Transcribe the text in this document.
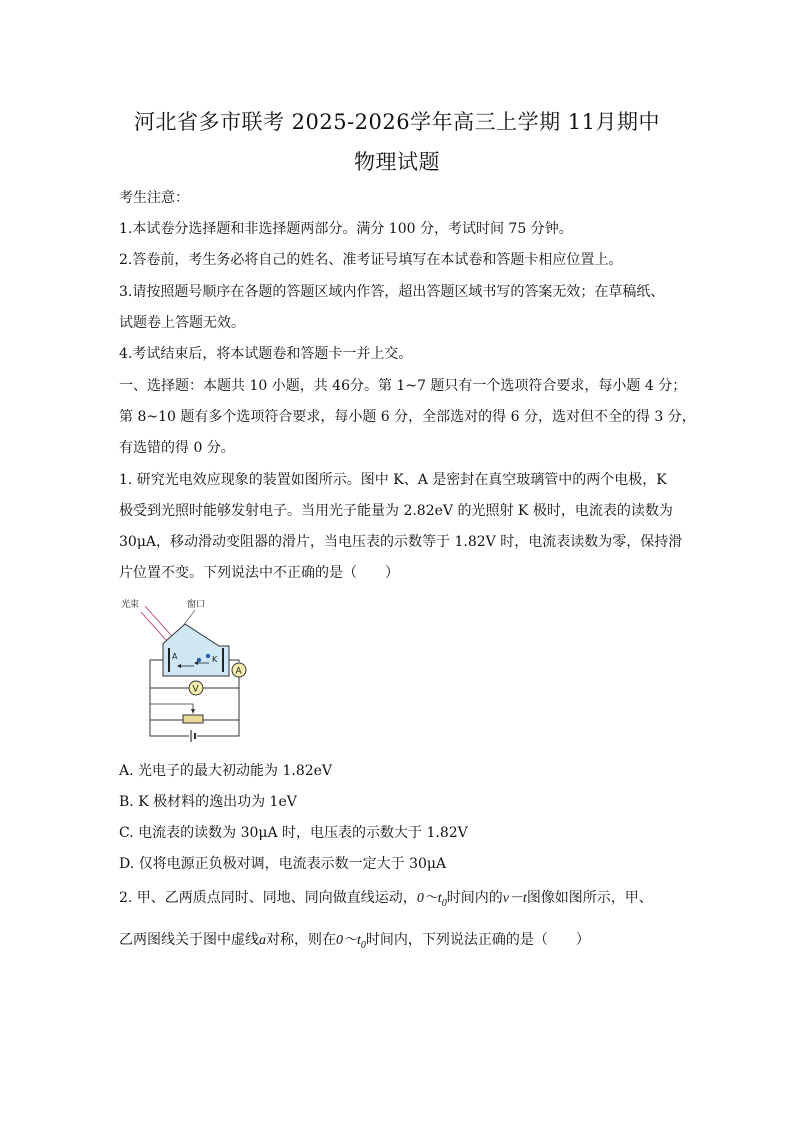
河北省多市联考 2025-2026学年高三上学期 11月期中
物理试题
考生注意：
1.本试卷分选择题和非选择题两部分。满分 100 分，考试时间 75 分钟。
2.答卷前，考生务必将自己的姓名、准考证号填写在本试卷和答题卡相应位置上。
3.请按照题号顺序在各题的答题区域内作答，超出答题区域书写的答案无效；在草稿纸、
试题卷上答题无效。
4.考试结束后，将本试题卷和答题卡一并上交。
一、选择题：本题共 10 小题，共 46分。第 1~7 题只有一个选项符合要求，每小题 4 分；
第 8~10 题有多个选项符合要求，每小题 6 分，全部选对的得 6 分，选对但不全的得 3 分，
有选错的得 0 分。
1. 研究光电效应现象的装置如图所示。图中 K、A 是密封在真空玻璃管中的两个电极，K
极受到光照时能够发射电子。当用光子能量为 2.82eV 的光照射 K 极时，电流表的读数为
30μA，移动滑动变阻器的滑片，当电压表的示数等于 1.82V 时，电流表读数为零，保持滑
片位置不变。下列说法中不正确的是（　　）
光束	窗口
A	K
A
V
A. 光电子的最大初动能为 1.82eV
B. K 极材料的逸出功为 1eV
C. 电流表的读数为 30μA 时，电压表的示数大于 1.82V
D. 仅将电源正负极对调，电流表示数一定大于 30μA
2. 甲、乙两质点同时、同地、同向做直线运动，$0\sim t_0$时间内的v－t图像如图所示，甲、
乙两图线关于图中虚线a对称，则在$0\sim t_0$时间内，下列说法正确的是（　　）
